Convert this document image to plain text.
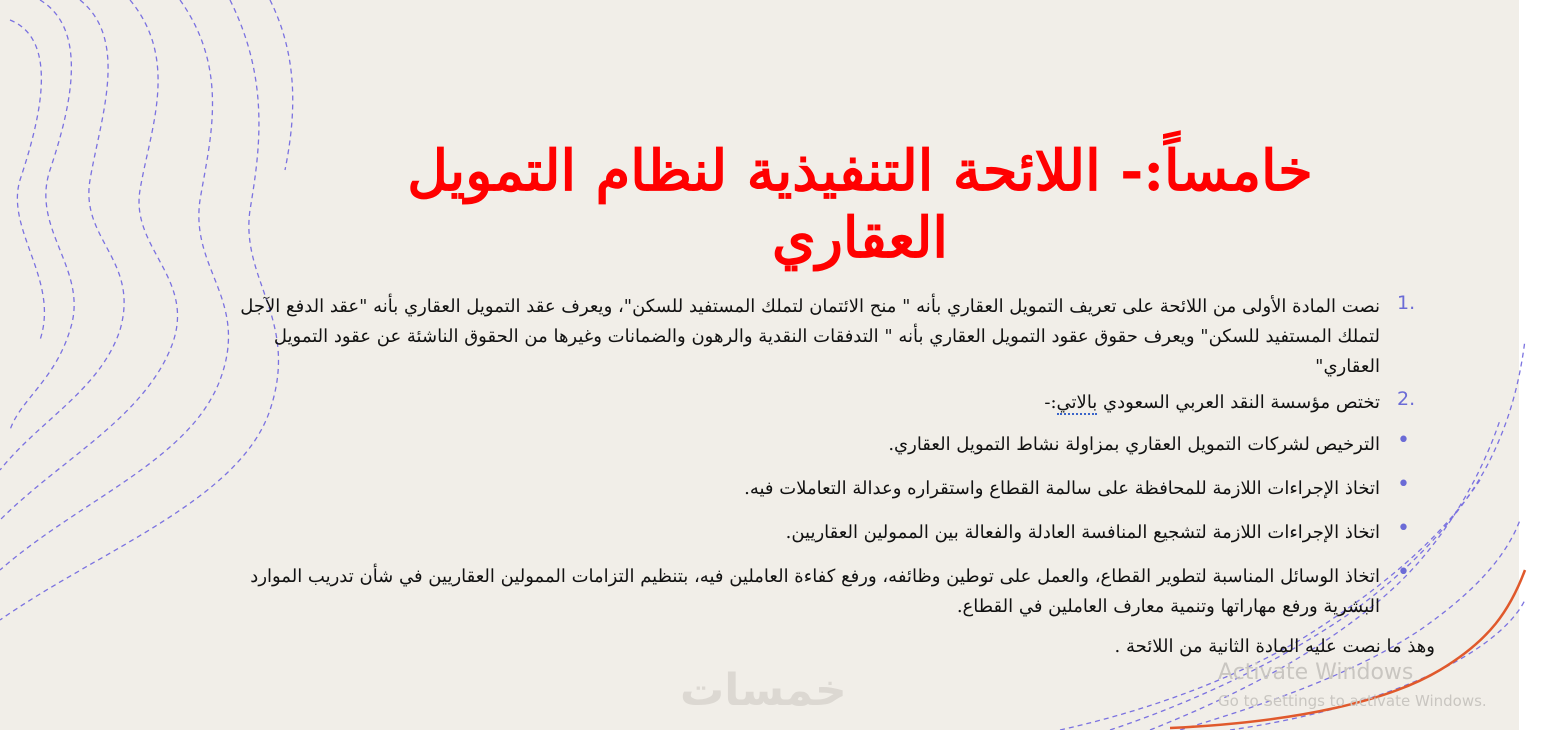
خامساً:- اللائحة التنفيذية لنظام التمويل العقاري
1.
نصت المادة الأولى من اللائحة على تعريف التمويل العقاري بأنه " منح الائتمان لتملك المستفيد للسكن"، ويعرف عقد التمويل العقاري بأنه "عقد الدفع الآجل لتملك المستفيد للسكن" ويعرف حقوق عقود التمويل العقاري بأنه " التدفقات النقدية والرهون والضمانات وغيرها من الحقوق الناشئة عن عقود التمويل العقاري"
2.
تختص مؤسسة النقد العربي السعودي بالاتي:-
•
الترخيص لشركات التمويل العقاري بمزاولة نشاط التمويل العقاري.
•
اتخاذ الإجراءات اللازمة للمحافظة على سالمة القطاع واستقراره وعدالة التعاملات فيه.
•
اتخاذ الإجراءات اللازمة لتشجيع المنافسة العادلة والفعالة بين الممولين العقاريين.
•
اتخاذ الوسائل المناسبة لتطوير القطاع، والعمل على توطين وظائفه، ورفع كفاءة العاملين فيه، بتنظيم التزامات الممولين العقاريين في شأن تدريب الموارد البشرية ورفع مهاراتها وتنمية معارف العاملين في القطاع.
وهذ ما نصت عليه المادة الثانية من اللائحة .
خمسات	Activate Windows
Go to Settings to activate Windows.
